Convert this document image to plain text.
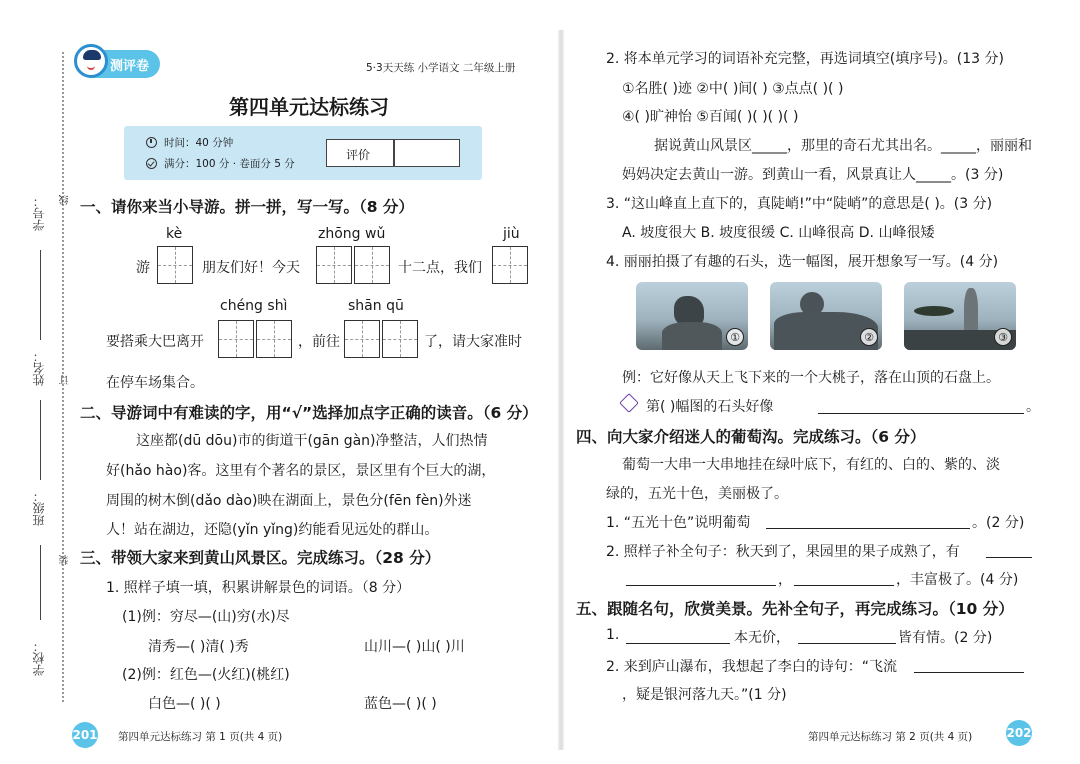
学号：
姓名：
班级：
学校：
线
订
装
测评卷	5·3天天练 小学语文 二年级上册
第四单元达标练习
时间：40 分钟
满分：100 分 · 卷面分 5 分
评价
一、请你来当小导游。拼一拼，写一写。（8 分）
kè	zhōng wǔ	jiù
游	朋友们好！今天	十二点，我们
chéng shì	shān qū
要搭乘大巴离开	，前往	了，请大家准时
在停车场集合。
二、导游词中有难读的字，用“√”选择加点字正确的读音。（6 分）
这座都(dū dōu)市的街道干(gān gàn)净整洁，人们热情
好(hǎo hào)客。这里有个著名的景区，景区里有个巨大的湖，
周围的树木倒(dǎo dào)映在湖面上，景色分(fēn fèn)外迷
人！站在湖边，还隐(yǐn yǐng)约能看见远处的群山。
三、带领大家来到黄山风景区。完成练习。（28 分）
1. 照样子填一填，积累讲解景色的词语。（8 分）
(1)例：穷尽—(山)穷(水)尽
清秀—( )清( )秀	山川—( )山( )川
(2)例：红色—(火红)(桃红)
白色—( )( )	蓝色—( )( )
201 第四单元达标练习 第 1 页(共 4 页)
2. 将本单元学习的词语补充完整，再选词填空(填序号)。(13 分)
①名胜( )迹 ②中( )间( ) ③点点( )( )
④( )旷神怡 ⑤百闻( )( )( )( )
据说黄山风景区_____，那里的奇石尤其出名。_____，丽丽和
妈妈决定去黄山一游。到黄山一看，风景真让人_____。(3 分)
3. “这山峰直上直下的，真陡峭!”中“陡峭”的意思是( )。(3 分)
A. 坡度很大 B. 坡度很缓 C. 山峰很高 D. 山峰很矮
4. 丽丽拍摄了有趣的石头，选一幅图，展开想象写一写。(4 分)
①	②	③
例：它好像从天上飞下来的一个大桃子，落在山顶的石盘上。
第( )幅图的石头好像	。
四、向大家介绍迷人的葡萄沟。完成练习。（6 分）
葡萄一大串一大串地挂在绿叶底下，有红的、白的、紫的、淡
绿的，五光十色，美丽极了。
1. “五光十色”说明葡萄	。(2 分)
2. 照样子补全句子：秋天到了，果园里的果子成熟了，有
，	，丰富极了。(4 分)
五、跟随名句，欣赏美景。先补全句子，再完成练习。（10 分）
1.	本无价，	皆有情。(2 分)
2. 来到庐山瀑布，我想起了李白的诗句：“飞流
，疑是银河落九天。”(1 分)
第四单元达标练习 第 2 页(共 4 页)	202
